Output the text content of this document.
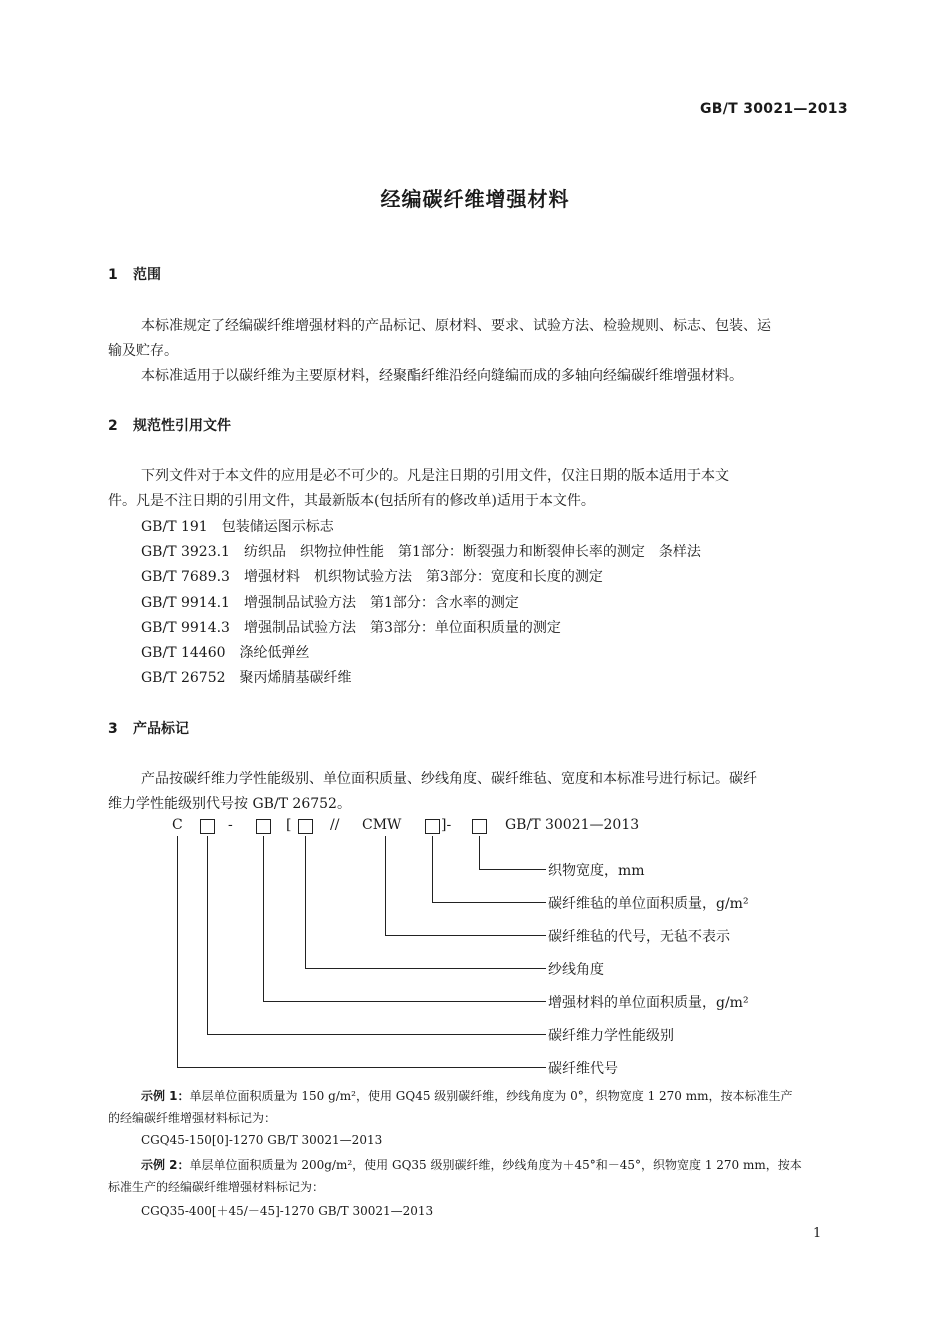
GB/T 30021—2013
经编碳纤维增强材料
1 范围
本标准规定了经编碳纤维增强材料的产品标记、原材料、要求、试验方法、检验规则、标志、包装、运
输及贮存。
本标准适用于以碳纤维为主要原材料，经聚酯纤维沿经向缝编而成的多轴向经编碳纤维增强材料。
2 规范性引用文件
下列文件对于本文件的应用是必不可少的。凡是注日期的引用文件，仅注日期的版本适用于本文
件。凡是不注日期的引用文件，其最新版本(包括所有的修改单)适用于本文件。
GB/T 191　包装储运图示标志
GB/T 3923.1　纺织品　织物拉伸性能　第1部分：断裂强力和断裂伸长率的测定　条样法
GB/T 7689.3　增强材料　机织物试验方法　第3部分：宽度和长度的测定
GB/T 9914.1　增强制品试验方法　第1部分：含水率的测定
GB/T 9914.3　增强制品试验方法　第3部分：单位面积质量的测定
GB/T 14460　涤纶低弹丝
GB/T 26752　聚丙烯腈基碳纤维
3 产品标记
产品按碳纤维力学性能级别、单位面积质量、纱线角度、碳纤维毡、宽度和本标准号进行标记。碳纤
维力学性能级别代号按 GB/T 26752。
C	-	[	// CMW	]-	GB/T 30021—2013
织物宽度，mm
碳纤维毡的单位面积质量，g/m²
碳纤维毡的代号，无毡不表示
纱线角度
增强材料的单位面积质量，g/m²
碳纤维力学性能级别
碳纤维代号
示例 1：单层单位面积质量为 150 g/m²，使用 GQ45 级别碳纤维，纱线角度为 0°，织物宽度 1 270 mm，按本标准生产
的经编碳纤维增强材料标记为：
CGQ45-150[0]-1270 GB/T 30021—2013
示例 2：单层单位面积质量为 200g/m²，使用 GQ35 级别碳纤维，纱线角度为＋45°和－45°，织物宽度 1 270 mm，按本
标准生产的经编碳纤维增强材料标记为：
CGQ35-400[＋45/－45]-1270 GB/T 30021—2013
1
